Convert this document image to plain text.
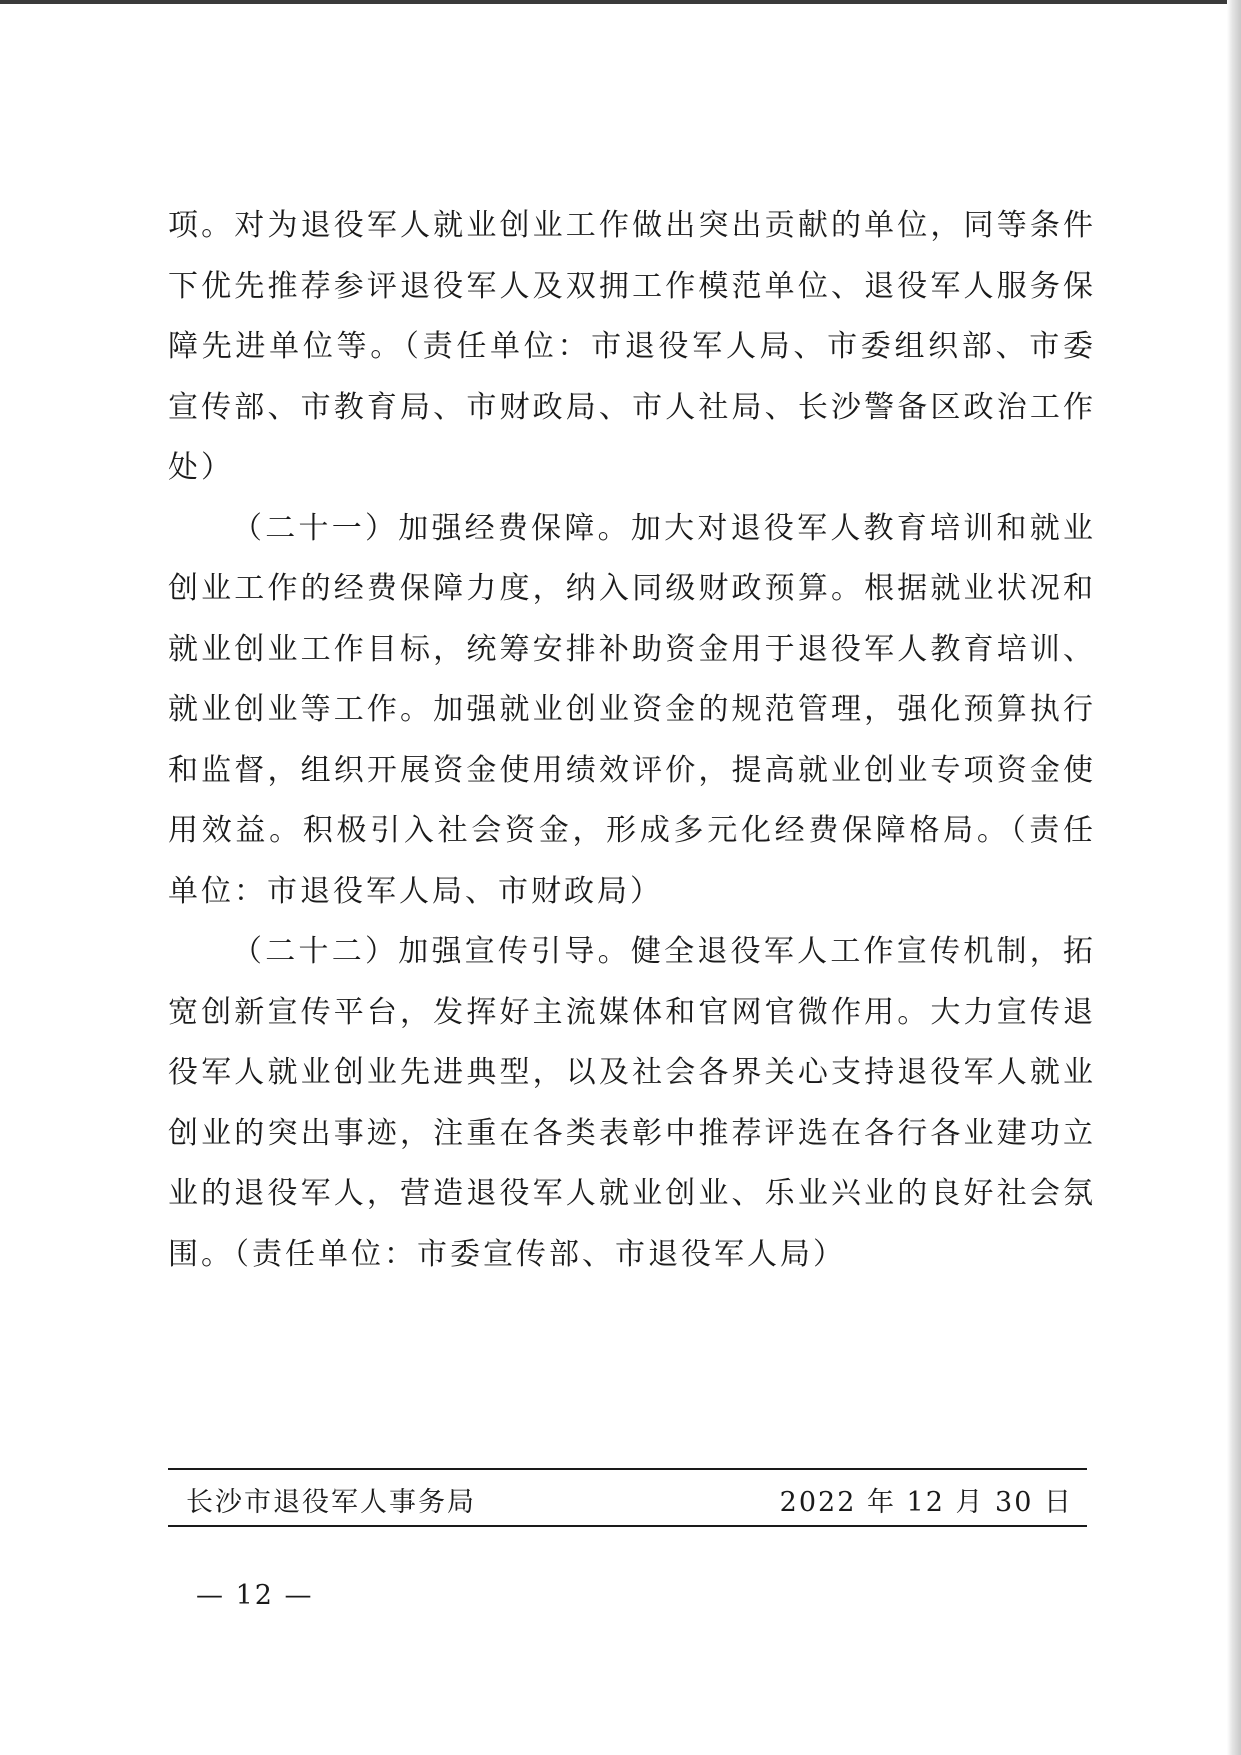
项。对为退役军人就业创业工作做出突出贡献的单位，同等条件下优先推荐参评退役军人及双拥工作模范单位、退役军人服务保障先进单位等。（责任单位：市退役军人局、市委组织部、市委宣传部、市教育局、市财政局、市人社局、长沙警备区政治工作处）

（二十一）加强经费保障。加大对退役军人教育培训和就业创业工作的经费保障力度，纳入同级财政预算。根据就业状况和就业创业工作目标，统筹安排补助资金用于退役军人教育培训、就业创业等工作。加强就业创业资金的规范管理，强化预算执行和监督，组织开展资金使用绩效评价，提高就业创业专项资金使用效益。积极引入社会资金，形成多元化经费保障格局。（责任单位：市退役军人局、市财政局）

（二十二）加强宣传引导。健全退役军人工作宣传机制，拓宽创新宣传平台，发挥好主流媒体和官网官微作用。大力宣传退役军人就业创业先进典型，以及社会各界关心支持退役军人就业创业的突出事迹，注重在各类表彰中推荐评选在各行各业建功立业的退役军人，营造退役军人就业创业、乐业兴业的良好社会氛围。（责任单位：市委宣传部、市退役军人局）

长沙市退役军人事务局	2022 年 12 月 30 日
— 12 —
